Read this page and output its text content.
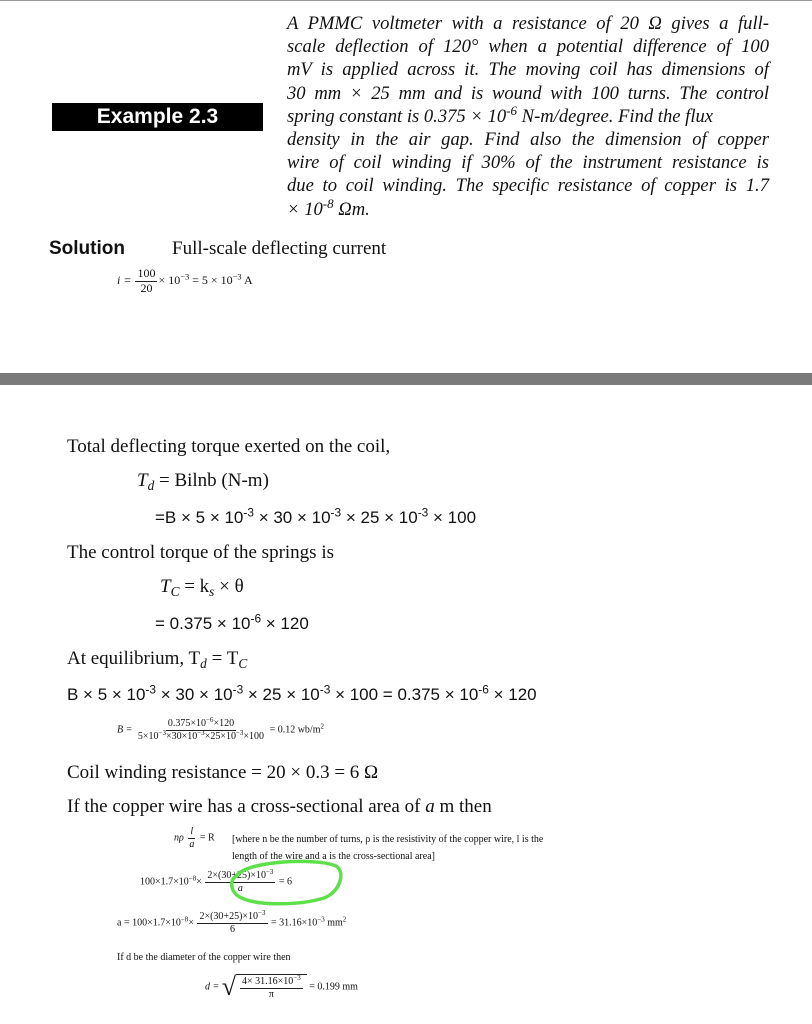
Example 2.3
A PMMC voltmeter with a resistance of 20 Ω gives a full-
scale deflection of 120° when a potential difference of 100
mV is applied across it. The moving coil has dimensions of
30 mm × 25 mm and is wound with 100 turns. The control
spring constant is $0.375 \times 10^{-6}$ N-m/degree. Find the flux
density in the air gap. Find also the dimension of copper
wire of coil winding if 30% of the instrument resistance is
due to coil winding. The specific resistance of copper is 1.7
× $10^{-8}$ Ωm.
Solution Full-scale deflecting current
$i = \frac{100}{20} \times 10^{-3} = 5 \times 10^{-3}$ A
Total deflecting torque exerted on the coil,
$T_d = Bilnb$ (N-m)
$=B \times 5 \times 10^{-3} \times 30 \times 10^{-3} \times 25 \times 10^{-3} \times 100$
The control torque of the springs is
$T_C = k_s \times \theta$
= $0.375 \times 10^{-6} \times 120$
At equilibrium, $T_d = T_C$
$B \times 5 \times 10^{-3} \times 30 \times 10^{-3} \times 25 \times 10^{-3} \times 100 = 0.375 \times 10^{-6} \times 120$
$B = \frac{0.375\times 10^{-6}\times 120}{5\times 10^{-3}\times 30\times 10^{-3}\times 25\times 10^{-3}\times 100} = 0.12$ $wb/m^2$
Coil winding resistance = 20 × 0.3 = 6 Ω
If the copper wire has a cross-sectional area of a m then
nρ $\frac{l}{a} = R$ [where n be the number of turns, ρ is the resistivity of the copper wire, l is the
length of the wire and a is the cross-sectional area]
$100\times 1.7\times 10^{-8}\times \frac{2\times(30+25)\times 10^{-3}}{a} = 6$
$a = 100\times 1.7\times 10^{-8}\times \frac{2\times(30+25)\times 10^{-3}}{6} = 31.16\times 10^{-3}$ $mm^2$
If d be the diameter of the copper wire then
d = √ $\frac{4\times 31.16\times 10^{-3}}{\pi} = 0.199$ mm
